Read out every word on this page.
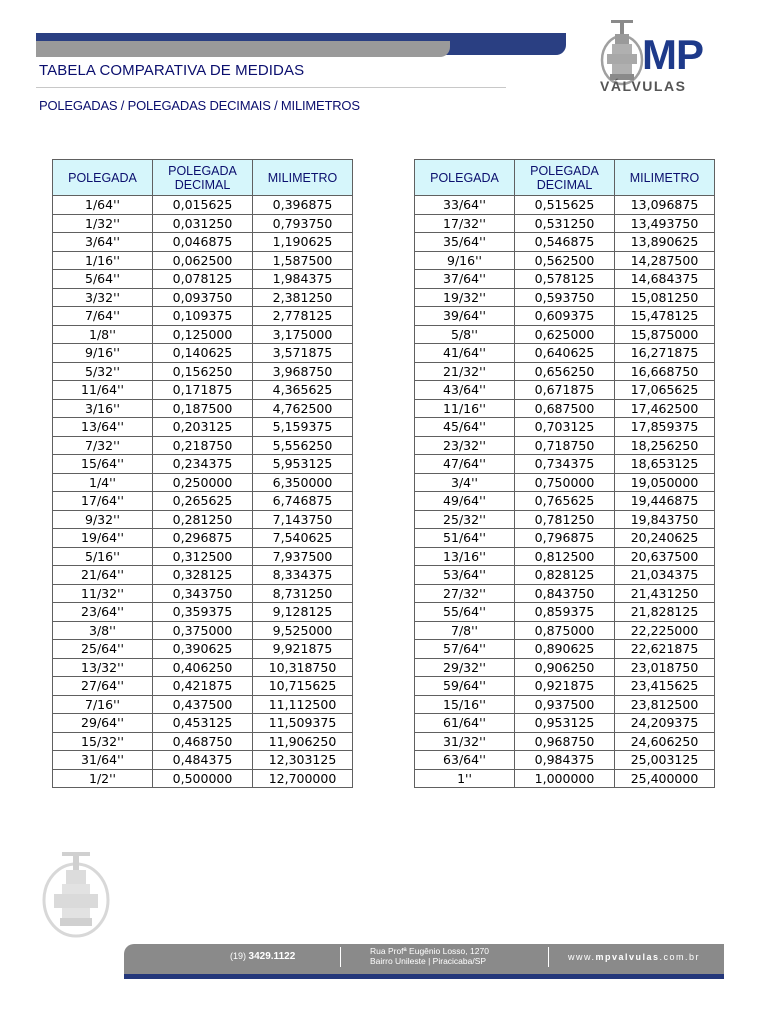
TABELA COMPARATIVA DE MEDIDAS
POLEGADAS / POLEGADAS DECIMAIS / MILIMETROS
MP
VÁLVULAS
POLEGADA	POLEGADA DECIMAL	MILIMETRO
1/64''	0,015625	0,396875
1/32''	0,031250	0,793750
3/64''	0,046875	1,190625
1/16''	0,062500	1,587500
5/64''	0,078125	1,984375
3/32''	0,093750	2,381250
7/64''	0,109375	2,778125
1/8''	0,125000	3,175000
9/16''	0,140625	3,571875
5/32''	0,156250	3,968750
11/64''	0,171875	4,365625
3/16''	0,187500	4,762500
13/64''	0,203125	5,159375
7/32''	0,218750	5,556250
15/64''	0,234375	5,953125
1/4''	0,250000	6,350000
17/64''	0,265625	6,746875
9/32''	0,281250	7,143750
19/64''	0,296875	7,540625
5/16''	0,312500	7,937500
21/64''	0,328125	8,334375
11/32''	0,343750	8,731250
23/64''	0,359375	9,128125
3/8''	0,375000	9,525000
25/64''	0,390625	9,921875
13/32''	0,406250	10,318750
27/64''	0,421875	10,715625
7/16''	0,437500	11,112500
29/64''	0,453125	11,509375
15/32''	0,468750	11,906250
31/64''	0,484375	12,303125
1/2''	0,500000	12,700000
POLEGADA	POLEGADA DECIMAL	MILIMETRO
33/64''	0,515625	13,096875
17/32''	0,531250	13,493750
35/64''	0,546875	13,890625
9/16''	0,562500	14,287500
37/64''	0,578125	14,684375
19/32''	0,593750	15,081250
39/64''	0,609375	15,478125
5/8''	0,625000	15,875000
41/64''	0,640625	16,271875
21/32''	0,656250	16,668750
43/64''	0,671875	17,065625
11/16''	0,687500	17,462500
45/64''	0,703125	17,859375
23/32''	0,718750	18,256250
47/64''	0,734375	18,653125
3/4''	0,750000	19,050000
49/64''	0,765625	19,446875
25/32''	0,781250	19,843750
51/64''	0,796875	20,240625
13/16''	0,812500	20,637500
53/64''	0,828125	21,034375
27/32''	0,843750	21,431250
55/64''	0,859375	21,828125
7/8''	0,875000	22,225000
57/64''	0,890625	22,621875
29/32''	0,906250	23,018750
59/64''	0,921875	23,415625
15/16''	0,937500	23,812500
61/64''	0,953125	24,209375
31/32''	0,968750	24,606250
63/64''	0,984375	25,003125
1''	1,000000	25,400000
(19) 3429.1122	Rua Profª Eugênio Losso, 1270
Bairro Unileste | Piracicaba/SP	www.mpvalvulas.com.br
